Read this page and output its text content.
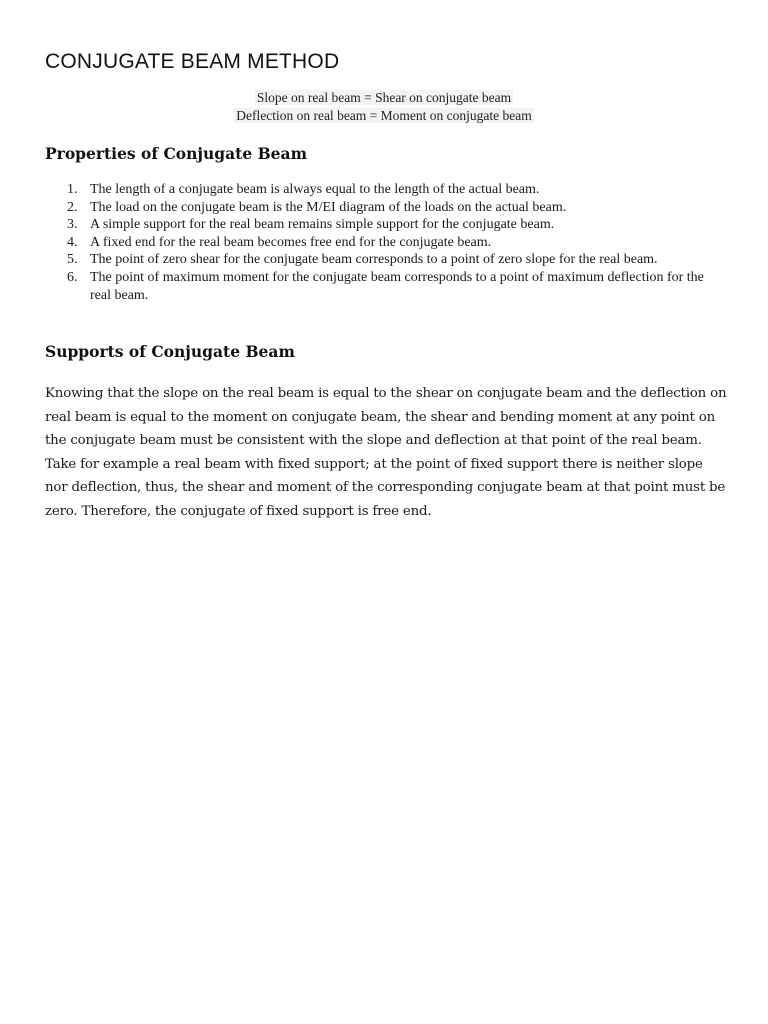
CONJUGATE BEAM METHOD
Slope on real beam = Shear on conjugate beam
Deflection on real beam = Moment on conjugate beam
Properties of Conjugate Beam
1. The length of a conjugate beam is always equal to the length of the actual beam.
2. The load on the conjugate beam is the M/EI diagram of the loads on the actual beam.
3. A simple support for the real beam remains simple support for the conjugate beam.
4. A fixed end for the real beam becomes free end for the conjugate beam.
5. The point of zero shear for the conjugate beam corresponds to a point of zero slope for the real beam.
6. The point of maximum moment for the conjugate beam corresponds to a point of maximum deflection for the real beam.
Supports of Conjugate Beam

Knowing that the slope on the real beam is equal to the shear on conjugate beam and the deflection on real beam is equal to the moment on conjugate beam, the shear and bending moment at any point on the conjugate beam must be consistent with the slope and deflection at that point of the real beam. Take for example a real beam with fixed support; at the point of fixed support there is neither slope nor deflection, thus, the shear and moment of the corresponding conjugate beam at that point must be zero. Therefore, the conjugate of fixed support is free end.
